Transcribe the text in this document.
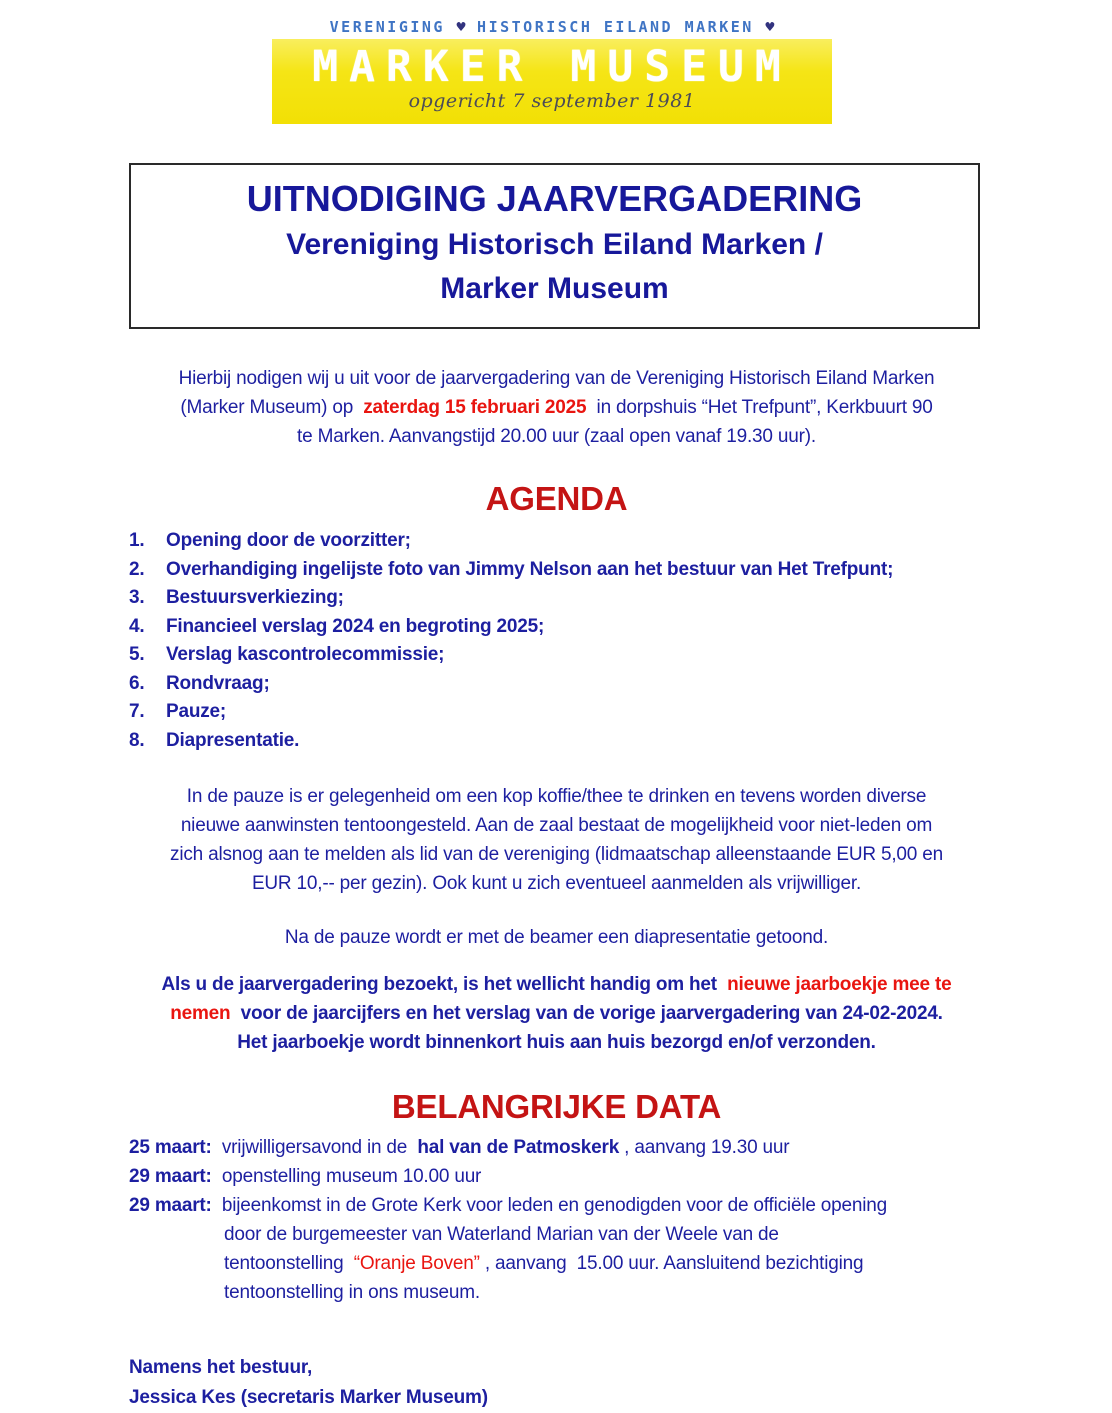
VERENIGING ♥ HISTORISCH EILAND MARKEN ♥
MARKER MUSEUM
opgericht 7 september 1981
UITNODIGING JAARVERGADERING
Vereniging Historisch Eiland Marken /
Marker Museum
Hierbij nodigen wij u uit voor de jaarvergadering van de Vereniging Historisch Eiland Marken
(Marker Museum) op  zaterdag 15 februari 2025  in dorpshuis “Het Trefpunt”, Kerkbuurt 90
te Marken. Aanvangstijd 20.00 uur (zaal open vanaf 19.30 uur).
AGENDA
1.	Opening door de voorzitter;
2.	Overhandiging ingelijste foto van Jimmy Nelson aan het bestuur van Het Trefpunt;
3.	Bestuursverkiezing;
4.	Financieel verslag 2024 en begroting 2025;
5.	Verslag kascontrolecommissie;
6.	Rondvraag;
7.	Pauze;
8.	Diapresentatie.
In de pauze is er gelegenheid om een kop koffie/thee te drinken en tevens worden diverse
nieuwe aanwinsten tentoongesteld. Aan de zaal bestaat de mogelijkheid voor niet-leden om
zich alsnog aan te melden als lid van de vereniging (lidmaatschap alleenstaande EUR 5,00 en
EUR 10,-- per gezin). Ook kunt u zich eventueel aanmelden als vrijwilliger.
Na de pauze wordt er met de beamer een diapresentatie getoond.
Als u de jaarvergadering bezoekt, is het wellicht handig om het  nieuwe jaarboekje mee te
nemen  voor de jaarcijfers en het verslag van de vorige jaarvergadering van 24-02-2024.
Het jaarboekje wordt binnenkort huis aan huis bezorgd en/of verzonden.
BELANGRIJKE DATA
25 maart:  vrijwilligersavond in de  hal van de Patmoskerk , aanvang 19.30 uur
29 maart:  openstelling museum 10.00 uur
29 maart:  bijeenkomst in de Grote Kerk voor leden en genodigden voor de officiële opening
door de burgemeester van Waterland Marian van der Weele van de
tentoonstelling  “Oranje Boven” , aanvang  15.00 uur. Aansluitend bezichtiging
tentoonstelling in ons museum.
Namens het bestuur,
Jessica Kes (secretaris Marker Museum)
